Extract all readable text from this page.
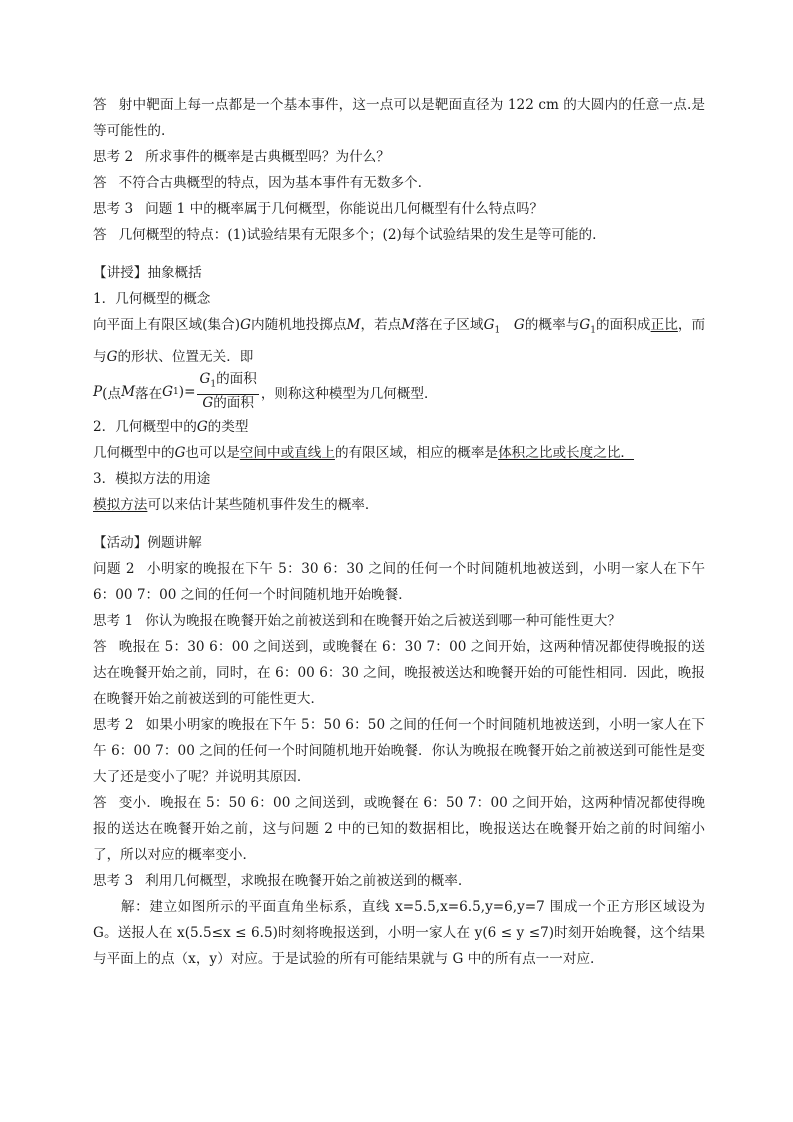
答 射中靶面上每一点都是一个基本事件，这一点可以是靶面直径为 122 cm 的大圆内的任意一点.是等可能性的.

思考 2 所求事件的概率是古典概型吗？为什么？

答 不符合古典概型的特点，因为基本事件有无数多个.

思考 3 问题 1 中的概率属于几何概型，你能说出几何概型有什么特点吗？

答 几何概型的特点：(1)试验结果有无限多个；(2)每个试验结果的发生是等可能的.

【讲授】抽象概括

1．几何概型的概念

向平面上有限区域(集合)G内随机地投掷点M，若点M落在子区域$G_1$　 G的概率与$G_1$的面积成正比，而与G的形状、位置无关．即

P (点 M 落在 G 1 )= $\frac{G_1的面积}{\text{G的面积}}$ ，则称这种模型为几何概型．

2．几何概型中的G的类型

几何概型中的G也可以是空间中或直线上的有限区域，相应的概率是体积之比或长度之比．

3．模拟方法的用途

模拟方法可以来估计某些随机事件发生的概率．

【活动】例题讲解

问题 2 小明家的晚报在下午 5：30 6：30 之间的任何一个时间随机地被送到，小明一家人在下午 6：00 7：00 之间的任何一个时间随机地开始晚餐．

思考 1 你认为晚报在晚餐开始之前被送到和在晚餐开始之后被送到哪一种可能性更大？

答 晚报在 5：30 6：00 之间送到，或晚餐在 6：30 7：00 之间开始，这两种情况都使得晚报的送达在晚餐开始之前，同时，在 6：00 6：30 之间，晚报被送达和晚餐开始的可能性相同．因此，晚报在晚餐开始之前被送到的可能性更大．

思考 2 如果小明家的晚报在下午 5：50 6：50 之间的任何一个时间随机地被送到，小明一家人在下午 6：00 7：00 之间的任何一个时间随机地开始晚餐．你认为晚报在晚餐开始之前被送到可能性是变大了还是变小了呢？并说明其原因．

答 变小．晚报在 5：50 6：00 之间送到，或晚餐在 6：50 7：00 之间开始，这两种情况都使得晚报的送达在晚餐开始之前，这与问题 2 中的已知的数据相比，晚报送达在晚餐开始之前的时间缩小了，所以对应的概率变小．

思考 3 利用几何概型，求晚报在晚餐开始之前被送到的概率.

解：建立如图所示的平面直角坐标系，直线 x=5.5,x=6.5,y=6,y=7 围成一个正方形区域设为 G。送报人在 x(5.5≤x ≤ 6.5)时刻将晚报送到，小明一家人在 y(6 ≤ y ≤7)时刻开始晚餐，这个结果与平面上的点（x，y）对应。于是试验的所有可能结果就与 G 中的所有点一一对应.
